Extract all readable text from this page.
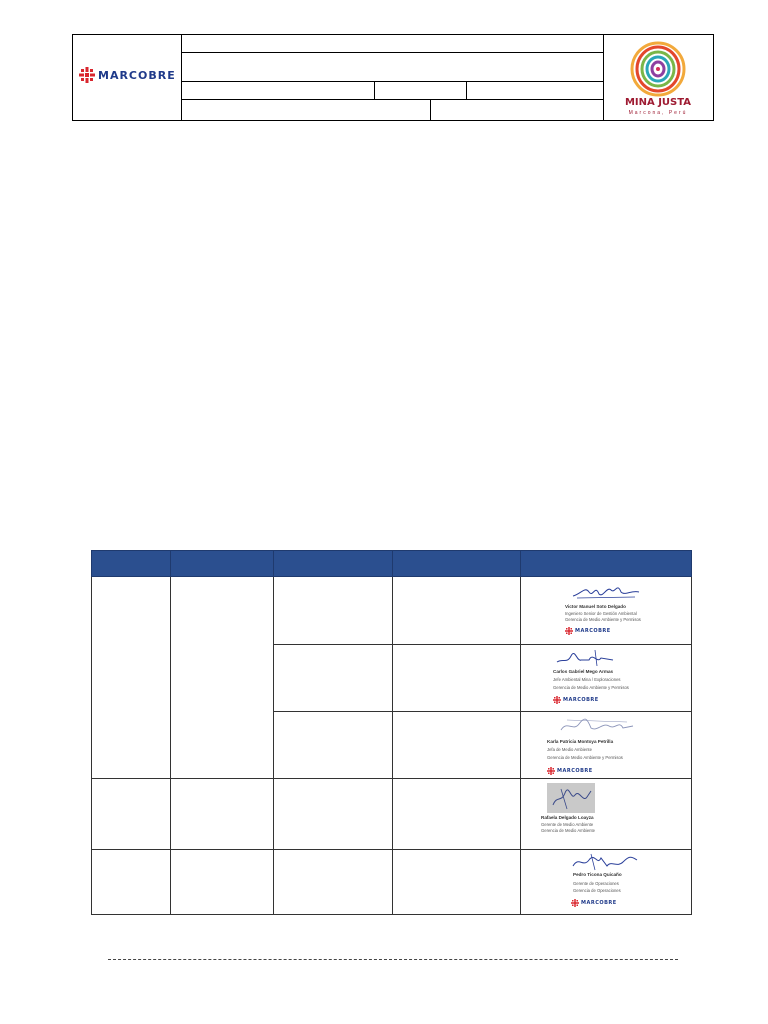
MARCOBRE
MINA JUSTA
Marcona, Perú

				Victor Manuel Soto Delgado
Ingeniero Senior de Gestión Ambiental
Gerencia de Medio Ambiente y Permisos
MARCOBRE

				Carlos Gabriel Mego Armas
Jefe Ambiental Mina / Exploraciones
Gerencia de Medio Ambiente y Permisos
MARCOBRE

				Karla Patricia Montoya Petrilla
Jefa de Medio Ambiente
Gerencia de Medio Ambiente y Permisos
MARCOBRE

				Rafaela Delgado Loayza
Gerente de Medio Ambiente
Gerencia de Medio Ambiente

				Pedro Ticona Quicaño
Gerente de Operaciones
Gerencia de Operaciones
MARCOBRE
